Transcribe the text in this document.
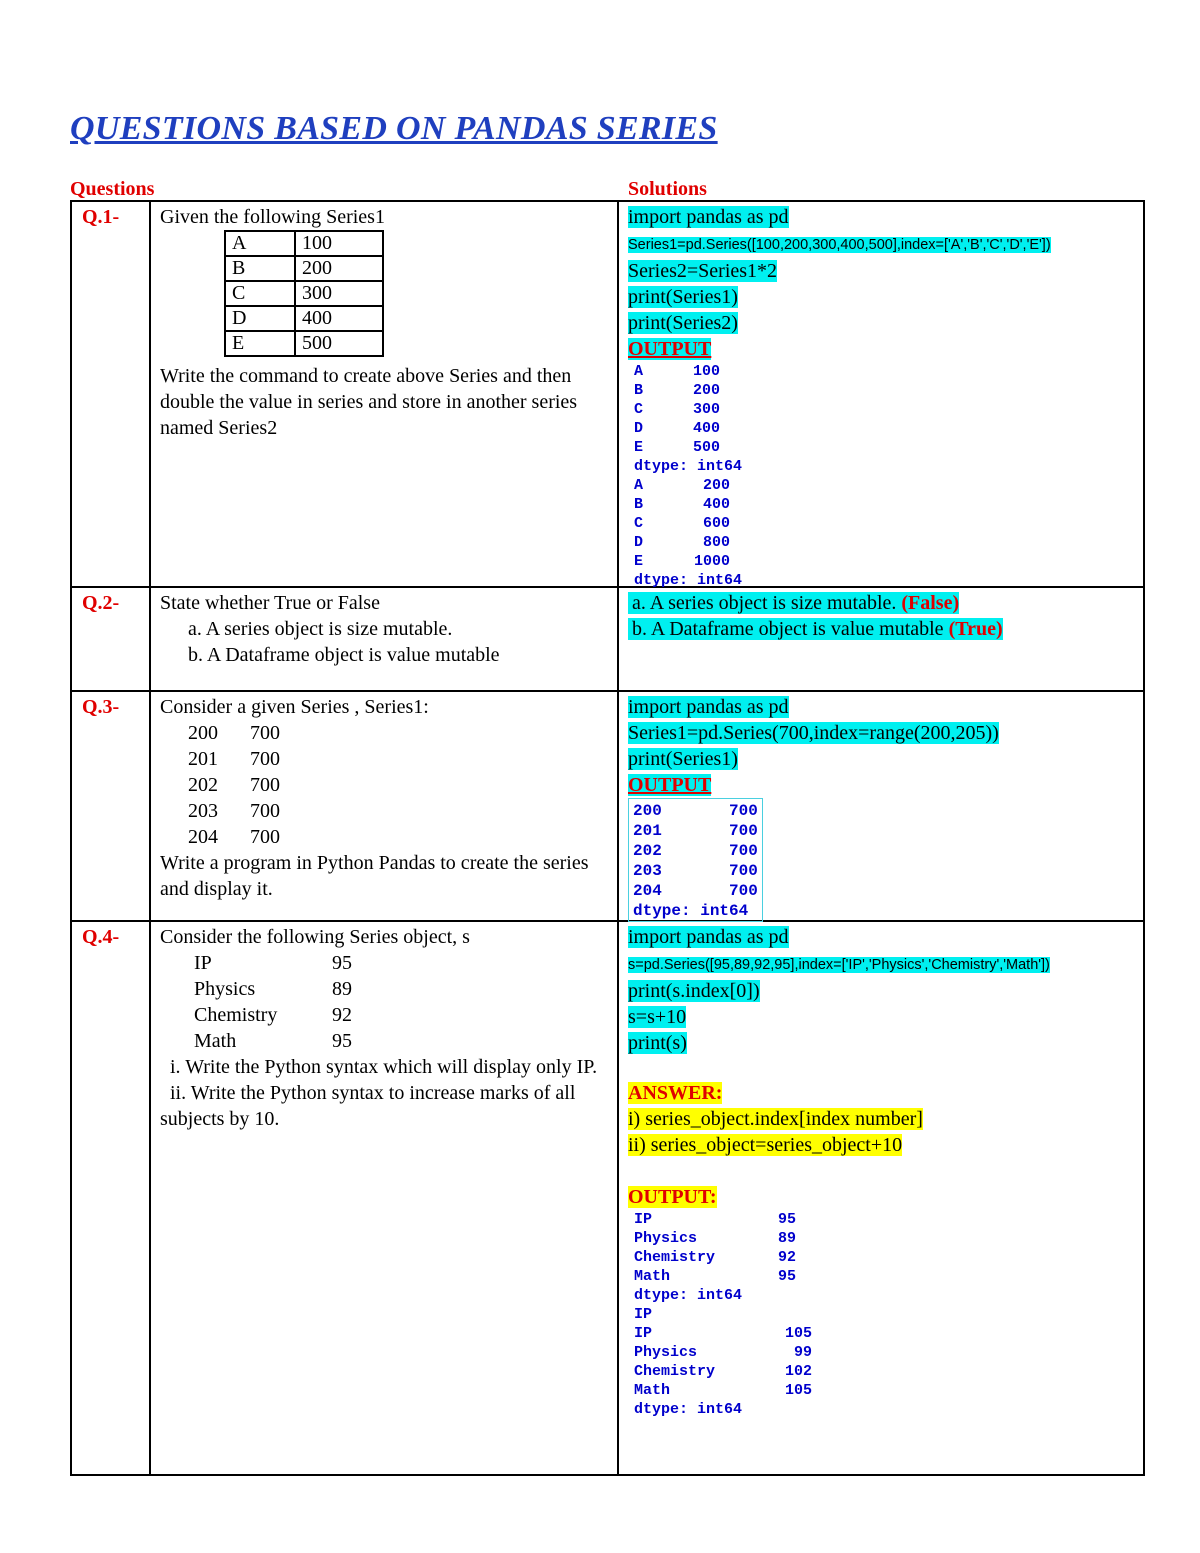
QUESTIONS BASED ON PANDAS SERIES
Questions	Solutions
Q.1- Given the following Series1
A	100
B	200
C	300
D	400
E	500
Write the command to create above Series and then double the value in series and store in another series named Series2
import pandas as pd
Series1=pd.Series([100,200,300,400,500],index=['A','B','C','D','E'])
Series2=Series1*2
print(Series1)
print(Series2)
OUTPUT
A	100
B	200
C	300
D	400
E	500
dtype: int64
A	200
B	400
C	600
D	800
E	1000
dtype: int64
Q.2- State whether True or False
a. A series object is size mutable.
b. A Dataframe object is value mutable
a. A series object is size mutable. (False)
b. A Dataframe object is value mutable (True)
Q.3- Consider a given Series , Series1:
200	700
201	700
202	700
203	700
204	700
Write a program in Python Pandas to create the series and display it.
import pandas as pd
Series1=pd.Series(700,index=range(200,205))
print(Series1)
OUTPUT
200	700
201	700
202	700
203	700
204	700
dtype: int64
Q.4- Consider the following Series object, s
IP	95
Physics	89
Chemistry	92
Math	95
i. Write the Python syntax which will display only IP.
ii. Write the Python syntax to increase marks of all subjects by 10.
import pandas as pd
s=pd.Series([95,89,92,95],index=['IP','Physics','Chemistry','Math'])
print(s.index[0])
s=s+10
print(s)
ANSWER:
i) series_object.index[index number]
ii) series_object=series_object+10
OUTPUT:
IP	95
Physics	89
Chemistry	92
Math	95
dtype: int64
IP
IP	105
Physics	99
Chemistry	102
Math	105
dtype: int64
